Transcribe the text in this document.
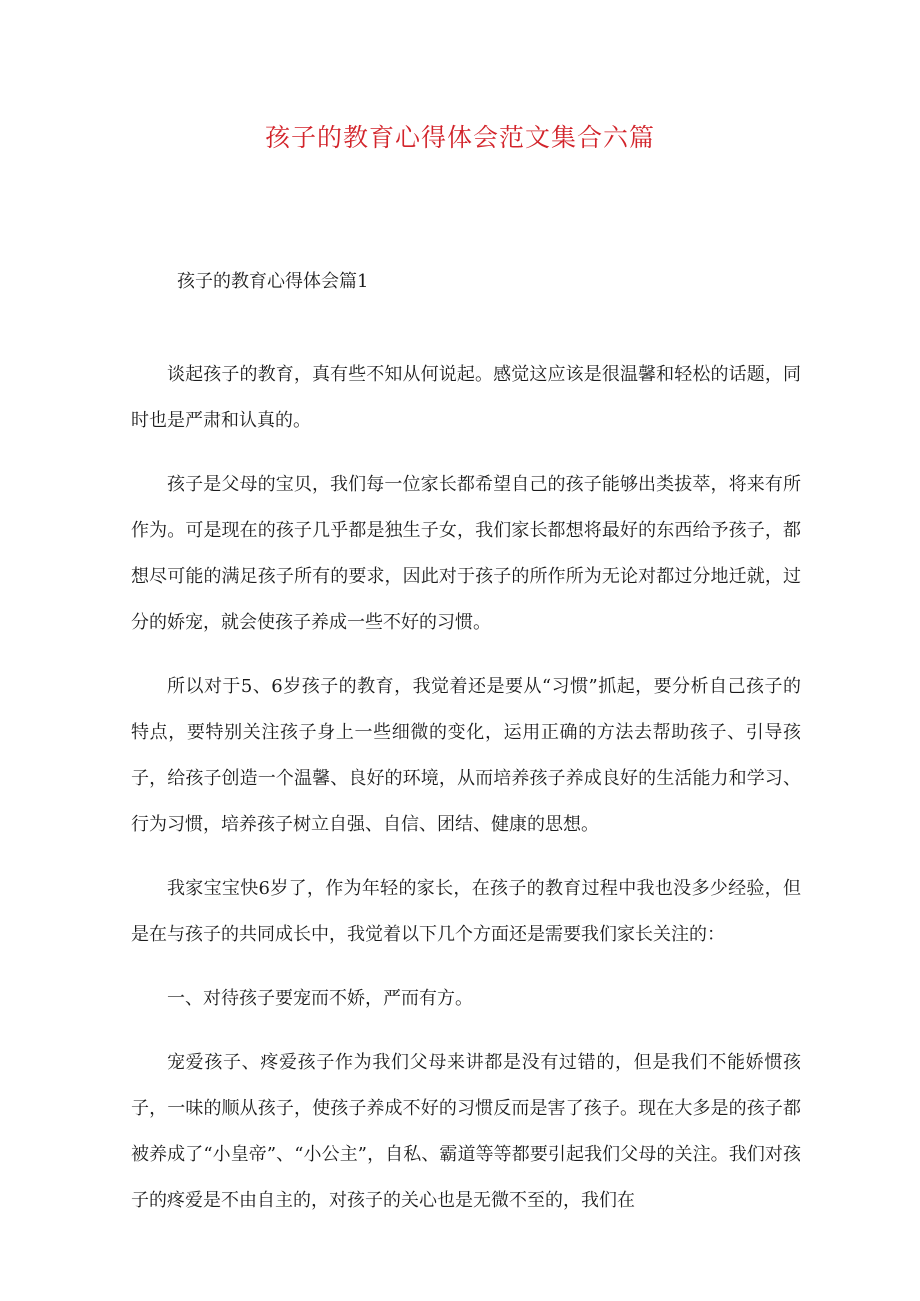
孩子的教育心得体会范文集合六篇
孩子的教育心得体会篇1

谈起孩子的教育，真有些不知从何说起。感觉这应该是很温馨和轻松的话题，同时也是严肃和认真的。

孩子是父母的宝贝，我们每一位家长都希望自己的孩子能够出类拔萃，将来有所作为。可是现在的孩子几乎都是独生子女，我们家长都想将最好的东西给予孩子，都想尽可能的满足孩子所有的要求，因此对于孩子的所作所为无论对都过分地迁就，过分的娇宠，就会使孩子养成一些不好的习惯。

所以对于5、6岁孩子的教育，我觉着还是要从“习惯”抓起，要分析自己孩子的特点，要特别关注孩子身上一些细微的变化，运用正确的方法去帮助孩子、引导孩子，给孩子创造一个温馨、良好的环境，从而培养孩子养成良好的生活能力和学习、行为习惯，培养孩子树立自强、自信、团结、健康的思想。

我家宝宝快6岁了，作为年轻的家长，在孩子的教育过程中我也没多少经验，但是在与孩子的共同成长中，我觉着以下几个方面还是需要我们家长关注的：

一、对待孩子要宠而不娇，严而有方。

宠爱孩子、疼爱孩子作为我们父母来讲都是没有过错的，但是我们不能娇惯孩子，一味的顺从孩子，使孩子养成不好的习惯反而是害了孩子。现在大多是的孩子都被养成了“小皇帝”、“小公主”，自私、霸道等等都要引起我们父母的关注。我们对孩子的疼爱是不由自主的，对孩子的关心也是无微不至的，我们在
